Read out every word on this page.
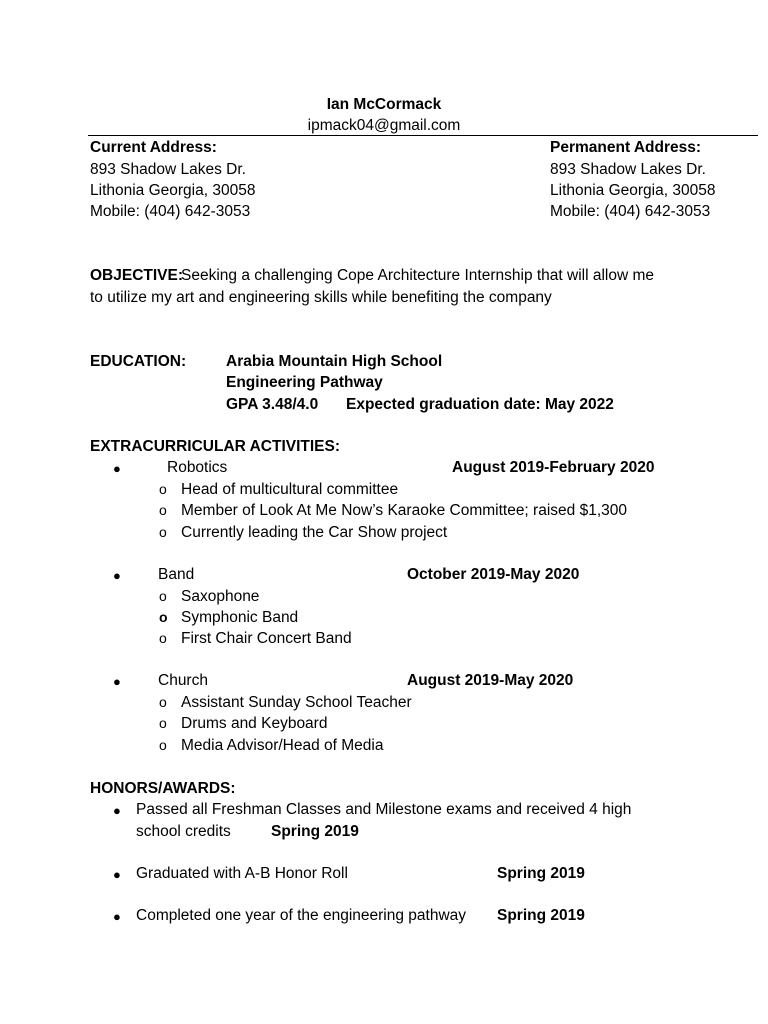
Ian McCormack
ipmack04@gmail.com
Current Address:
893 Shadow Lakes Dr.
Lithonia Georgia, 30058
Mobile: (404) 642-3053
Permanent Address:
893 Shadow Lakes Dr.
Lithonia Georgia, 30058
Mobile: (404) 642-3053
OBJECTIVE:
Seeking a challenging Cope Architecture Internship that will allow me
to utilize my art and engineering skills while benefiting the company
EDUCATION:	Arabia Mountain High School
Engineering Pathway
GPA 3.48/4.0 Expected graduation date: May 2022
EXTRACURRICULAR ACTIVITIES:
●	Robotics	August 2019-February 2020
o Head of multicultural committee
o Member of Look At Me Now’s Karaoke Committee; raised $1,300
o Currently leading the Car Show project
● Band	October 2019-May 2020
o Saxophone
o Symphonic Band
o First Chair Concert Band
● Church	August 2019-May 2020
o Assistant Sunday School Teacher
o Drums and Keyboard
o Media Advisor/Head of Media
HONORS/AWARDS:
● Passed all Freshman Classes and Milestone exams and received 4 high
school credits	Spring 2019
● Graduated with A-B Honor Roll	Spring 2019
● Completed one year of the engineering pathway Spring 2019
